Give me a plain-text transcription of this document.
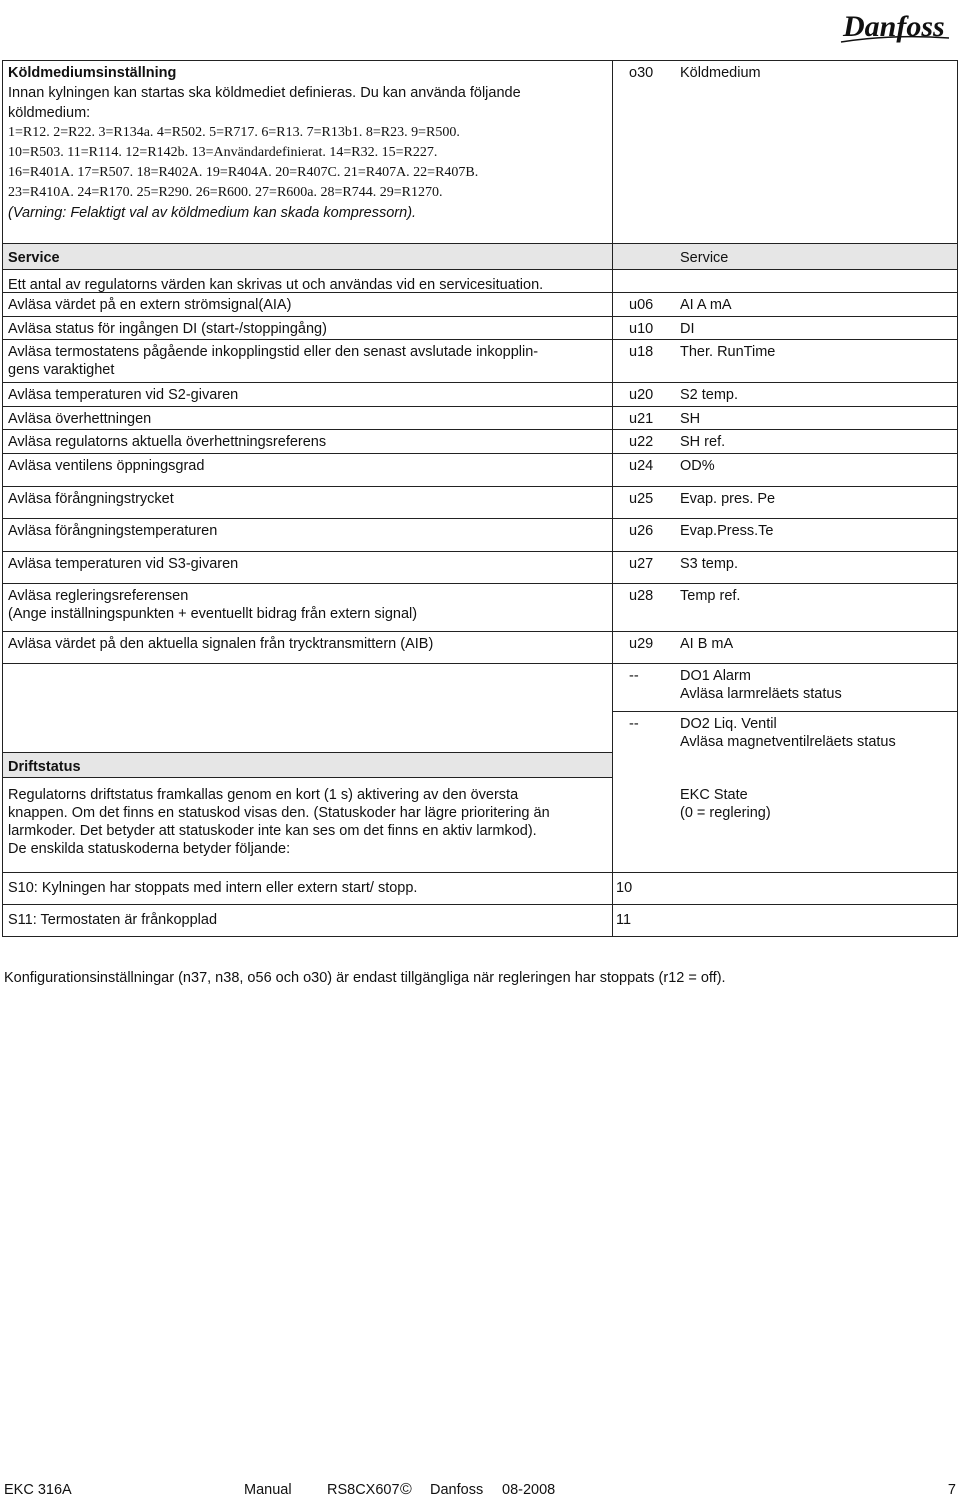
Danfoss
Köldmediumsinställning
Innan kylningen kan startas ska köldmediet definieras. Du kan använda följande
köldmedium:
1=R12. 2=R22. 3=R134a. 4=R502. 5=R717. 6=R13. 7=R13b1. 8=R23. 9=R500.
10=R503. 11=R114. 12=R142b. 13=Användardefinierat. 14=R32. 15=R227.
16=R401A. 17=R507. 18=R402A. 19=R404A. 20=R407C. 21=R407A. 22=R407B.
23=R410A. 24=R170. 25=R290. 26=R600. 27=R600a. 28=R744. 29=R1270.
(Varning: Felaktigt val av köldmedium kan skada kompressorn).
o30	Köldmedium
Service	Service
Ett antal av regulatorns värden kan skrivas ut och användas vid en servicesituation.
Avläsa värdet på en extern strömsignal(AIA)	u06	AI A mA
Avläsa status för ingången DI (start-/stoppingång)	u10	DI
Avläsa termostatens pågående inkopplingstid eller den senast avslutade inkopplin-
gens varaktighet
u18	Ther. RunTime
Avläsa temperaturen vid S2-givaren	u20	S2 temp.
Avläsa överhettningen	u21	SH
Avläsa regulatorns aktuella överhettningsreferens	u22	SH ref.
Avläsa ventilens öppningsgrad	u24	OD%
Avläsa förångningstrycket	u25	Evap. pres. Pe
Avläsa förångningstemperaturen	u26	Evap.Press.Te
Avläsa temperaturen vid S3-givaren	u27	S3 temp.
Avläsa regleringsreferensen
(Ange inställningspunkten + eventuellt bidrag från extern signal)
u28	Temp ref.
Avläsa värdet på den aktuella signalen från trycktransmittern (AIB)	u29	AI B mA
--	DO1 Alarm
Avläsa larmreläets status
--	DO2 Liq. Ventil
Avläsa magnetventilreläets status
Driftstatus
Regulatorns driftstatus framkallas genom en kort (1 s) aktivering av den översta
knappen. Om det finns en statuskod visas den. (Statuskoder har lägre prioritering än
larmkoder. Det betyder att statuskoder inte kan ses om det finns en aktiv larmkod).
De enskilda statuskoderna betyder följande:
EKC State
(0 = reglering)
S10: Kylningen har stoppats med intern eller extern start/ stopp.	10
S11: Termostaten är frånkopplad	11
Konfigurationsinställningar (n37, n38, o56 och o30) är endast tillgängliga när regleringen har stoppats (r12 = off).
EKC 316A	Manual RS8CX607 © Danfoss 08-2008	7
